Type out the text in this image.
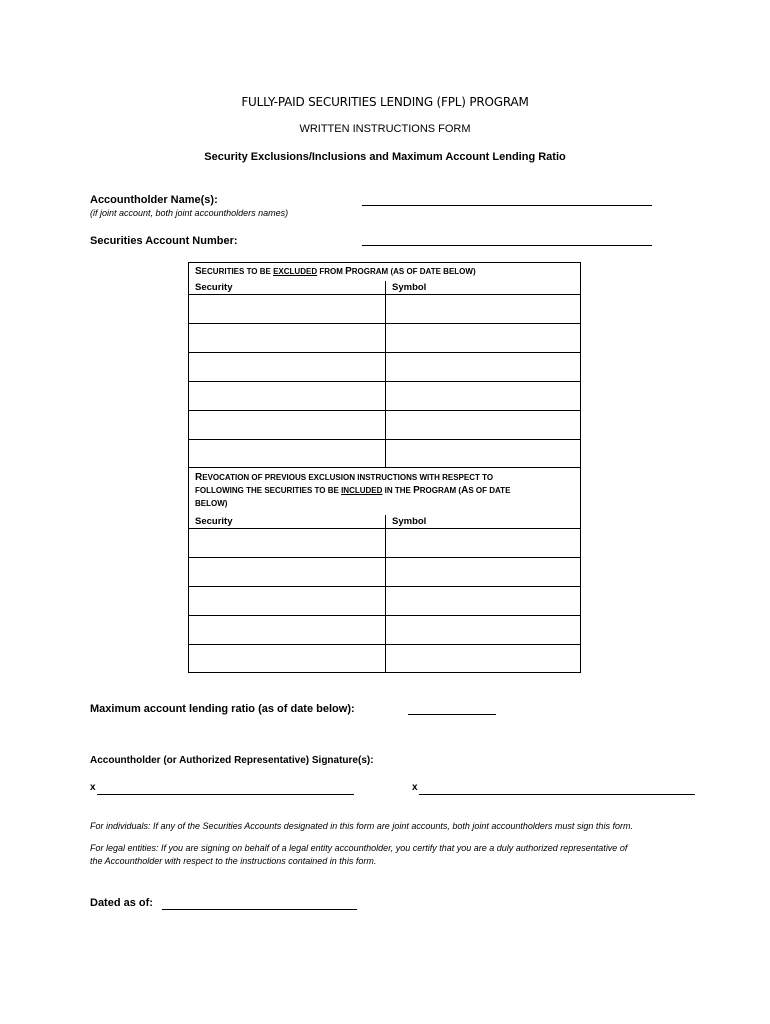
FULLY-PAID SECURITIES LENDING (FPL) PROGRAM
WRITTEN INSTRUCTIONS FORM
Security Exclusions/Inclusions and Maximum Account Lending Ratio
Accountholder Name(s):
(if joint account, both joint accountholders names)
Securities Account Number:
SECURITIES TO BE EXCLUDED FROM PROGRAM (AS OF DATE BELOW)
Security	Symbol
REVOCATION OF PREVIOUS EXCLUSION INSTRUCTIONS WITH RESPECT TO
FOLLOWING THE SECURITIES TO BE INCLUDED IN THE PROGRAM (AS OF DATE
BELOW)
Security	Symbol
Maximum account lending ratio (as of date below):
Accountholder (or Authorized Representative) Signature(s):
x	x
For individuals: If any of the Securities Accounts designated in this form are joint accounts, both joint accountholders must sign this form.
For legal entities: If you are signing on behalf of a legal entity accountholder, you certify that you are a duly authorized representative of
the Accountholder with respect to the instructions contained in this form.
Dated as of:
